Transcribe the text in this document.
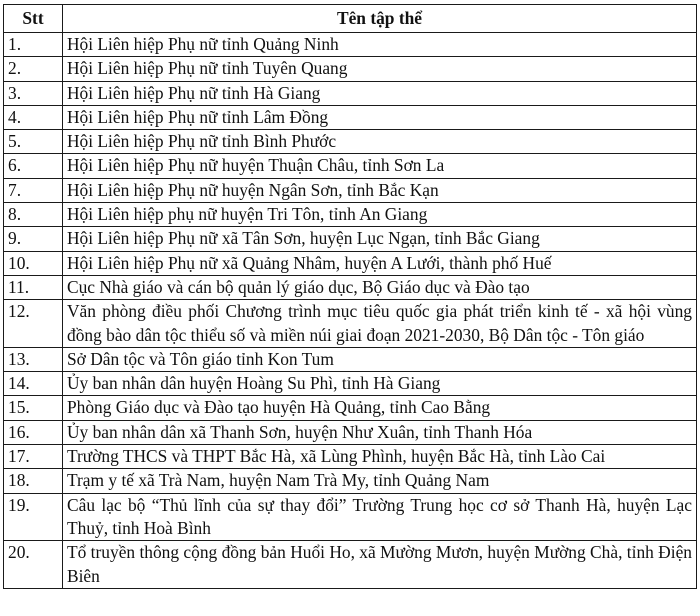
Stt	Tên tập thể
1.	Hội Liên hiệp Phụ nữ tỉnh Quảng Ninh
2.	Hội Liên hiệp Phụ nữ tỉnh Tuyên Quang
3.	Hội Liên hiệp Phụ nữ tỉnh Hà Giang
4.	Hội Liên hiệp Phụ nữ tỉnh Lâm Đồng
5.	Hội Liên hiệp Phụ nữ tỉnh Bình Phước
6.	Hội Liên hiệp Phụ nữ huyện Thuận Châu, tỉnh Sơn La
7.	Hội Liên hiệp Phụ nữ huyện Ngân Sơn, tỉnh Bắc Kạn
8.	Hội Liên hiệp phụ nữ huyện Tri Tôn, tỉnh An Giang
9.	Hội Liên hiệp Phụ nữ xã Tân Sơn, huyện Lục Ngạn, tỉnh Bắc Giang
10.	Hội Liên hiệp Phụ nữ xã Quảng Nhâm, huyện A Lưới, thành phố Huế
11.	Cục Nhà giáo và cán bộ quản lý giáo dục, Bộ Giáo dục và Đào tạo
12.	Văn phòng điều phối Chương trình mục tiêu quốc gia phát triển kinh tế - xã hội vùng đồng bào dân tộc thiểu số và miền núi giai đoạn 2021-2030, Bộ Dân tộc - Tôn giáo
13.	Sở Dân tộc và Tôn giáo tỉnh Kon Tum
14.	Ủy ban nhân dân huyện Hoàng Su Phì, tỉnh Hà Giang
15.	Phòng Giáo dục và Đào tạo huyện Hà Quảng, tỉnh Cao Bằng
16.	Ủy ban nhân dân xã Thanh Sơn, huyện Như Xuân, tỉnh Thanh Hóa
17.	Trường THCS và THPT Bắc Hà, xã Lùng Phình, huyện Bắc Hà, tỉnh Lào Cai
18.	Trạm y tế xã Trà Nam, huyện Nam Trà My, tỉnh Quảng Nam
19.	Câu lạc bộ “Thủ lĩnh của sự thay đổi” Trường Trung học cơ sở Thanh Hà, huyện Lạc Thuỷ, tỉnh Hoà Bình
20.	Tổ truyền thông cộng đồng bản Huổi Ho, xã Mường Mươn, huyện Mường Chà, tỉnh Điện Biên
